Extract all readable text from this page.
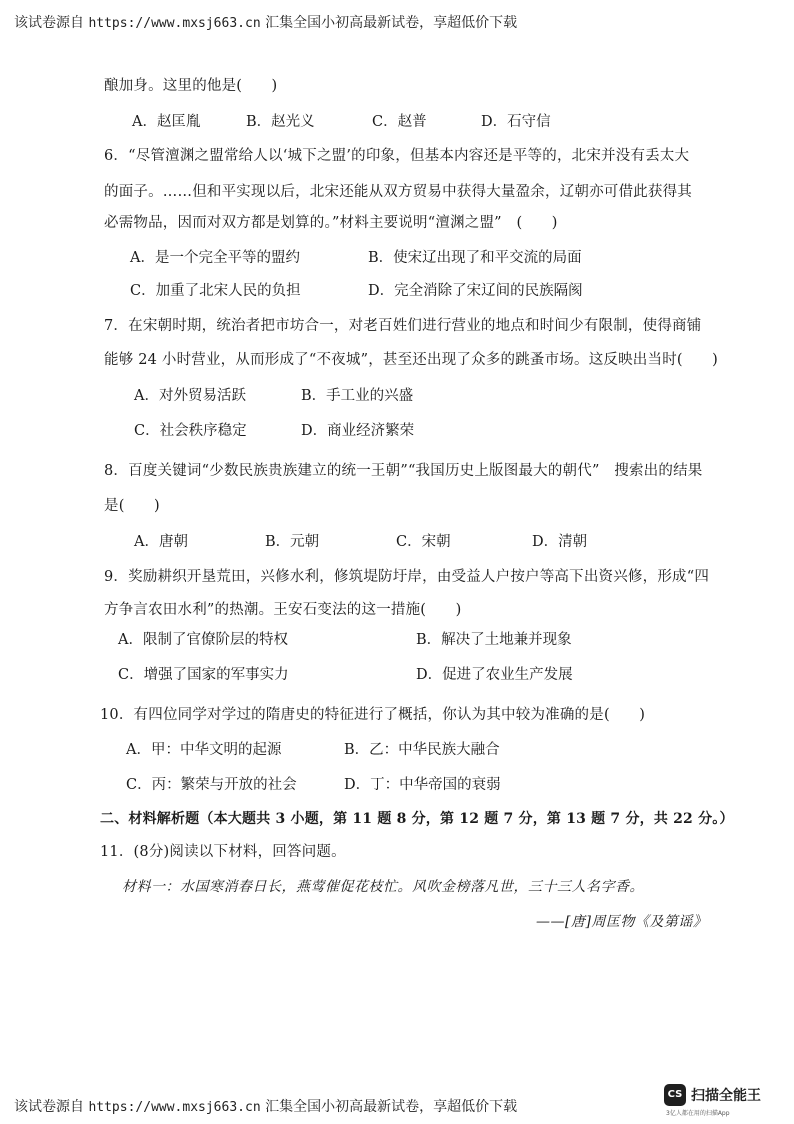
该试卷源自 https://www.mxsj663.cn 汇集全国小初高最新试卷，享超低价下载
酿加身。这里的他是(　　)
A．赵匡胤	B．赵光义	C．赵普	D．石守信
6．“尽管澶渊之盟常给人以‘城下之盟’的印象，但基本内容还是平等的，北宋并没有丢太大
的面子。……但和平实现以后，北宋还能从双方贸易中获得大量盈余，辽朝亦可借此获得其
必需物品，因而对双方都是划算的。”材料主要说明“澶渊之盟”　(　　)
A．是一个完全平等的盟约	B．使宋辽出现了和平交流的局面
C．加重了北宋人民的负担	D．完全消除了宋辽间的民族隔阂
7．在宋朝时期，统治者把市坊合一，对老百姓们进行营业的地点和时间少有限制，使得商铺
能够 24 小时营业，从而形成了“不夜城”，甚至还出现了众多的跳蚤市场。这反映出当时(　　)
A．对外贸易活跃	B．手工业的兴盛
C．社会秩序稳定	D．商业经济繁荣
8．百度关键词“少数民族贵族建立的统一王朝”“我国历史上版图最大的朝代”　搜索出的结果
是(　　)
A．唐朝	B．元朝	C．宋朝	D．清朝
9．奖励耕织开垦荒田，兴修水利，修筑堤防圩岸，由受益人户按户等高下出资兴修，形成“四
方争言农田水利”的热潮。王安石变法的这一措施(　　)
A．限制了官僚阶层的特权	B．解决了土地兼并现象
C．增强了国家的军事实力	D．促进了农业生产发展
10．有四位同学对学过的隋唐史的特征进行了概括，你认为其中较为准确的是(　　)
A．甲：中华文明的起源	B．乙：中华民族大融合
C．丙：繁荣与开放的社会	D．丁：中华帝国的衰弱
二、材料解析题（本大题共 3 小题，第 11 题 8 分，第 12 题 7 分，第 13 题 7 分，共 22 分。）
11．(8分)阅读以下材料，回答问题。
材料一：水国寒消春日长，燕莺催促花枝忙。风吹金榜落凡世，三十三人名字香。
——[唐]周匡物《及第谣》
该试卷源自 https://www.mxsj663.cn 汇集全国小初高最新试卷，享超低价下载
CS 扫描全能王
3亿人都在用的扫描App
